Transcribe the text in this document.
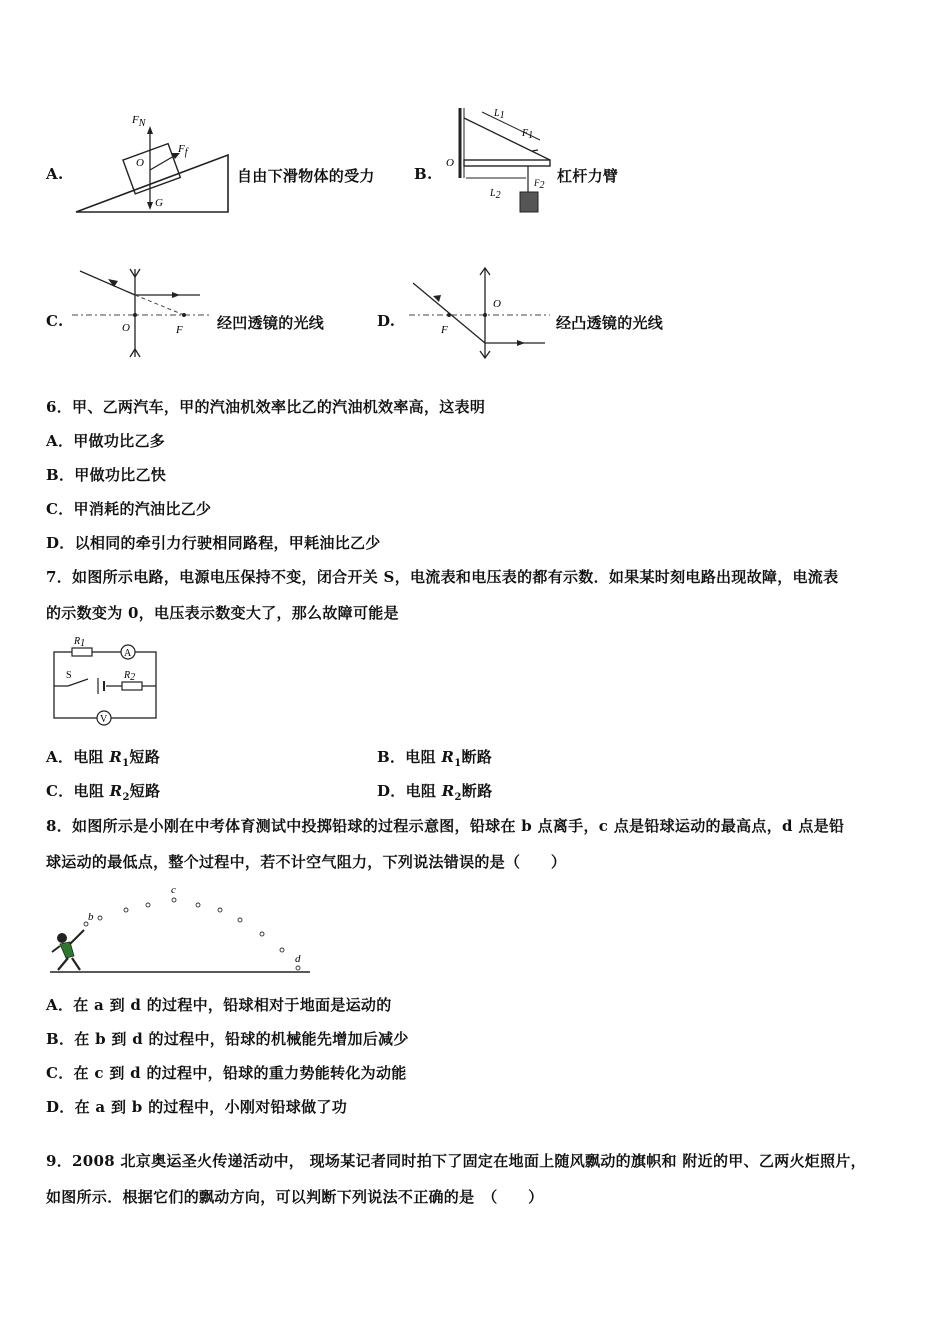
A.
FN
O
Ff
G
自由下滑物体的受力	B.
L1
F1
O
L2
F2
杠杆力臂
C.	O	F 经凹透镜的光线	D.
O
F	经凸透镜的光线
6．甲、乙两汽车，甲的汽油机效率比乙的汽油机效率高，这表明
A．甲做功比乙多
B．甲做功比乙快
C．甲消耗的汽油比乙少
D．以相同的牵引力行驶相同路程，甲耗油比乙少
7．如图所示电路，电源电压保持不变，闭合开关 S，电流表和电压表的都有示数．如果某时刻电路出现故障，电流表
的示数变为 0，电压表示数变大了，那么故障可能是
R1
A
S	R2
V
A．电阻 $R_1$短路	B．电阻 $R_1$断路
C．电阻 $R_2$短路	D．电阻 $R_2$断路
8．如图所示是小刚在中考体育测试中投掷铅球的过程示意图，铅球在 b 点离手，c 点是铅球运动的最高点，d 点是铅
球运动的最低点，整个过程中，若不计空气阻力，下列说法错误的是（　　）
b
c
d
A．在 a 到 d 的过程中，铅球相对于地面是运动的
B．在 b 到 d 的过程中，铅球的机械能先增加后减少
C．在 c 到 d 的过程中，铅球的重力势能转化为动能
D．在 a 到 b 的过程中，小刚对铅球做了功
9．2008 北京奥运圣火传递活动中， 现场某记者同时拍下了固定在地面上随风飘动的旗帜和 附近的甲、乙两火炬照片，
如图所示．根据它们的飘动方向，可以判断下列说法不正确的是　（　　）
